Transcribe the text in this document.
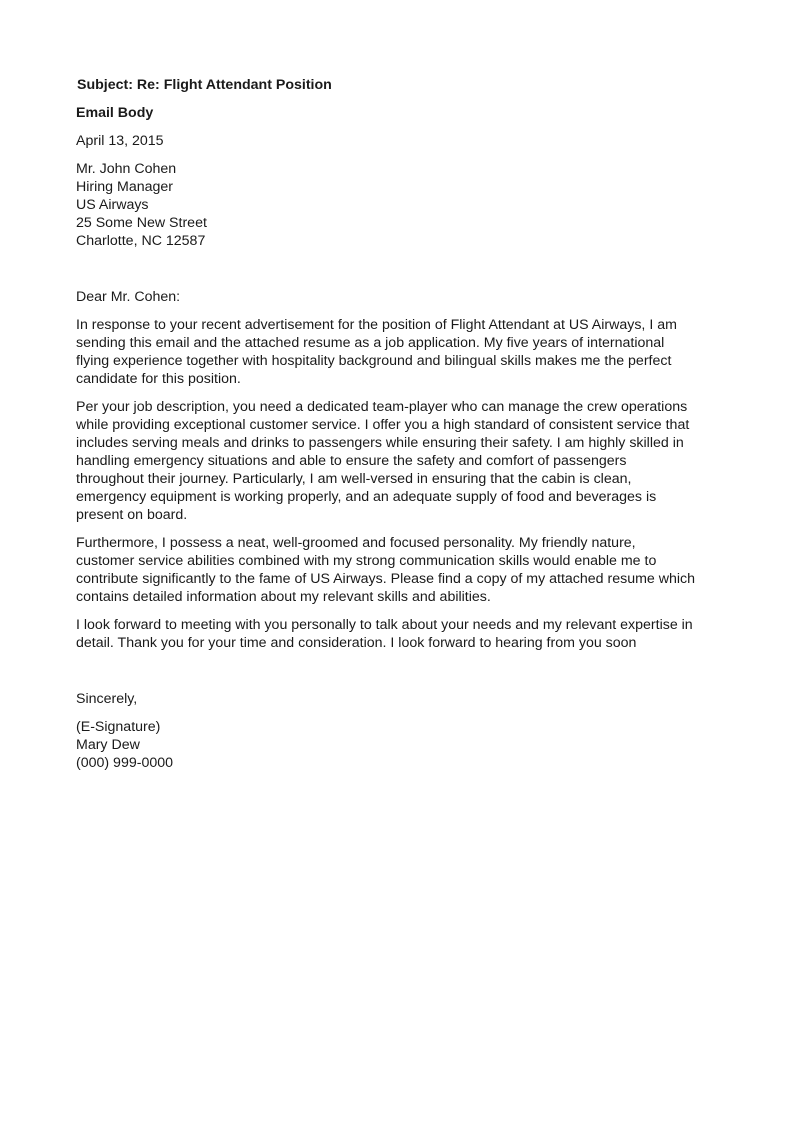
Subject: Re: Flight Attendant Position
Email Body
April 13, 2015
Mr. John Cohen
Hiring Manager
US Airways
25 Some New Street
Charlotte, NC 12587
Dear Mr. Cohen:
In response to your recent advertisement for the position of Flight Attendant at US Airways, I am
sending this email and the attached resume as a job application. My five years of international
flying experience together with hospitality background and bilingual skills makes me the perfect
candidate for this position.
Per your job description, you need a dedicated team-player who can manage the crew operations
while providing exceptional customer service. I offer you a high standard of consistent service that
includes serving meals and drinks to passengers while ensuring their safety. I am highly skilled in
handling emergency situations and able to ensure the safety and comfort of passengers
throughout their journey. Particularly, I am well-versed in ensuring that the cabin is clean,
emergency equipment is working properly, and an adequate supply of food and beverages is
present on board.
Furthermore, I possess a neat, well-groomed and focused personality. My friendly nature,
customer service abilities combined with my strong communication skills would enable me to
contribute significantly to the fame of US Airways. Please find a copy of my attached resume which
contains detailed information about my relevant skills and abilities.
I look forward to meeting with you personally to talk about your needs and my relevant expertise in
detail. Thank you for your time and consideration. I look forward to hearing from you soon
Sincerely,
(E-Signature)
Mary Dew
(000) 999-0000
